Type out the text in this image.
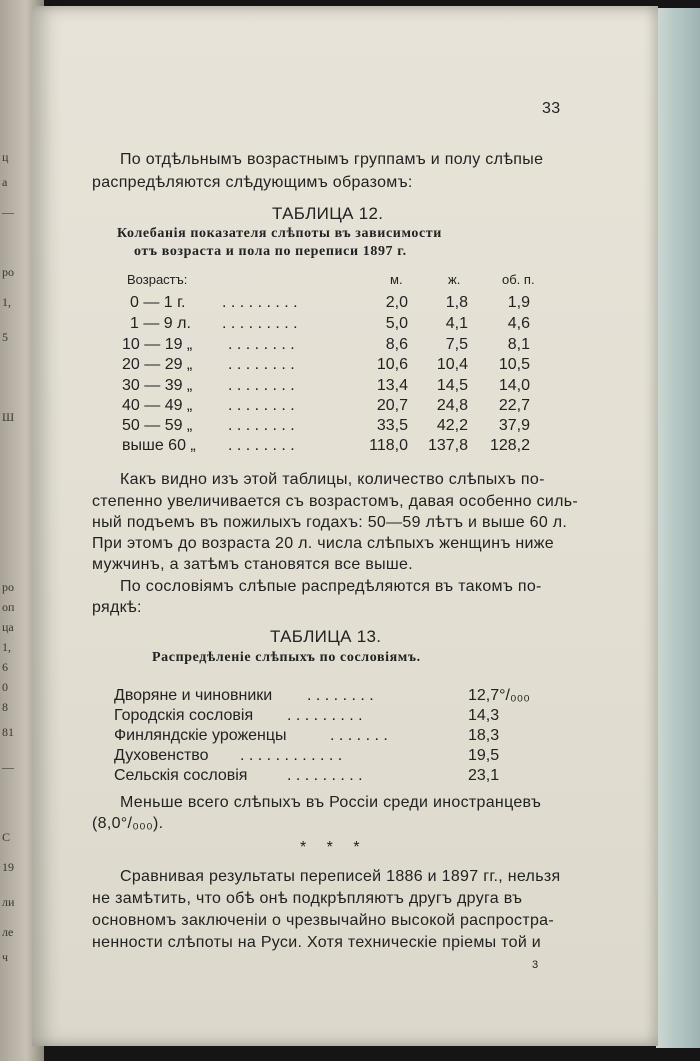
ц
а
—
ро
1,
5
Ш
ро
оп
ца
1,
6
0
8
81
—
С
19
ли
ле
ч
33
По отдѣльнымъ возрастнымъ группамъ и полу слѣпые
распредѣляются слѣдующимъ образомъ:
ТАБЛИЦА 12.
Колебанія показателя слѣпоты въ зависимости
отъ возраста и пола по переписи 1897 г.
Возрастъ:	м.	ж.	об. п.
0 — 1 г. . . . . . . . . .	2,0 1,8 1,9
1 — 9 л. . . . . . . . . .	5,0 4,1 4,6
10 — 19 „ . . . . . . . .	8,6 7,5 8,1
20 — 29 „ . . . . . . . .	10,6 10,4 10,5
30 — 39 „ . . . . . . . .	13,4 14,5 14,0
40 — 49 „ . . . . . . . .	20,7 24,8 22,7
50 — 59 „ . . . . . . . .	33,5 42,2 37,9
выше 60 „ . . . . . . . .	118,0 137,8 128,2
Какъ видно изъ этой таблицы, количество слѣпыхъ по-
степенно увеличивается съ возрастомъ, давая особенно силь-
ный подъемъ въ пожилыхъ годахъ: 50—59 лѣтъ и выше 60 л.
При этомъ до возраста 20 л. числа слѣпыхъ женщинъ ниже
мужчинъ, а затѣмъ становятся все выше.
По сословіямъ слѣпые распредѣляются въ такомъ по-
рядкѣ:
ТАБЛИЦА 13.
Распредѣленіе слѣпыхъ по сословіямъ.
Дворяне и чиновники . . . . . . . .	12,7°/₀₀₀
Городскія сословія . . . . . . . . .	14,3
Финляндскіе уроженцы	. . . . . . .	18,3
Духовенство . . . . . . . . . . . .	19,5
Сельскія сословія . . . . . . . . .	23,1
Меньше всего слѣпыхъ въ Россіи среди иностранцевъ
(8,0°/₀₀₀).
* * *
Сравнивая результаты переписей 1886 и 1897 гг., нельзя
не замѣтить, что обѣ онѣ подкрѣпляютъ другъ друга въ
основномъ заключеніи о чрезвычайно высокой распростра-
ненности слѣпоты на Руси. Хотя техническіе пріемы той и
3
